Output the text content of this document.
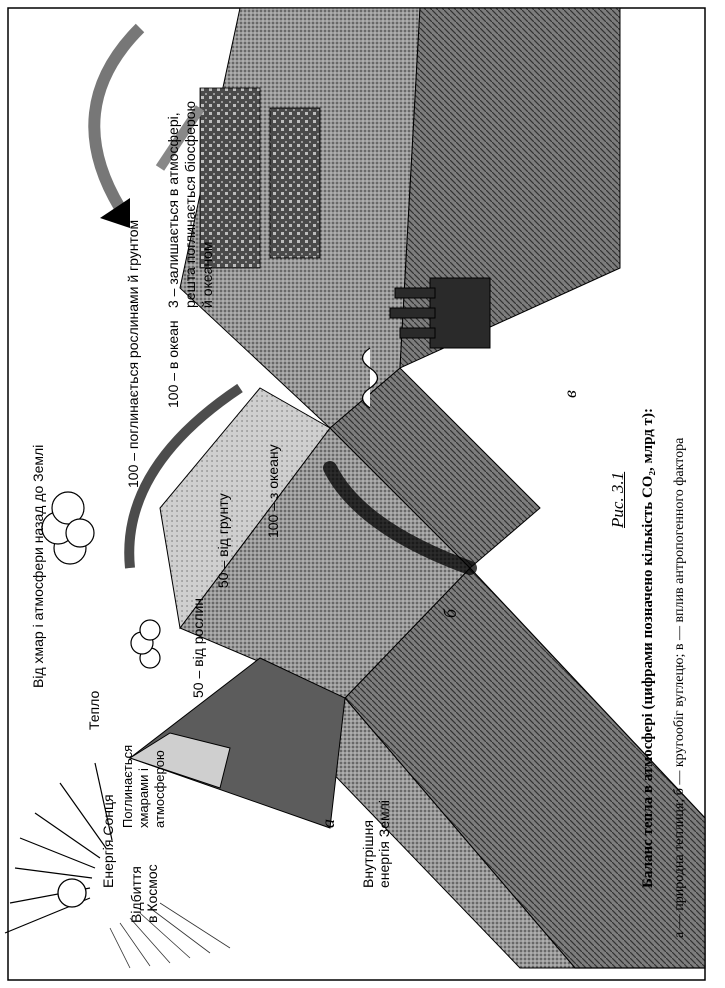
Енергія Сонця
Відбиття в Космос
Тепло
Поглинається хмарами і атмосферою
Від хмар і атмосфери назад до Землі
100 – поглинається рослинами й грунтом 100 – в океан
3 – залишається в атмосфері, решта поглинається біосферою й океаном
50 – від рослин
50 – від грунту
100 – з океану
Внутрішня енергія Землі
а
б
в
Рис. 3.1 Баланс тепла в атмосфері (цифрами позначено кількість CO₂, млрд т): а — природна теплиця; б — кругообіг вуглецю; в — вплив антропогенного фактора
